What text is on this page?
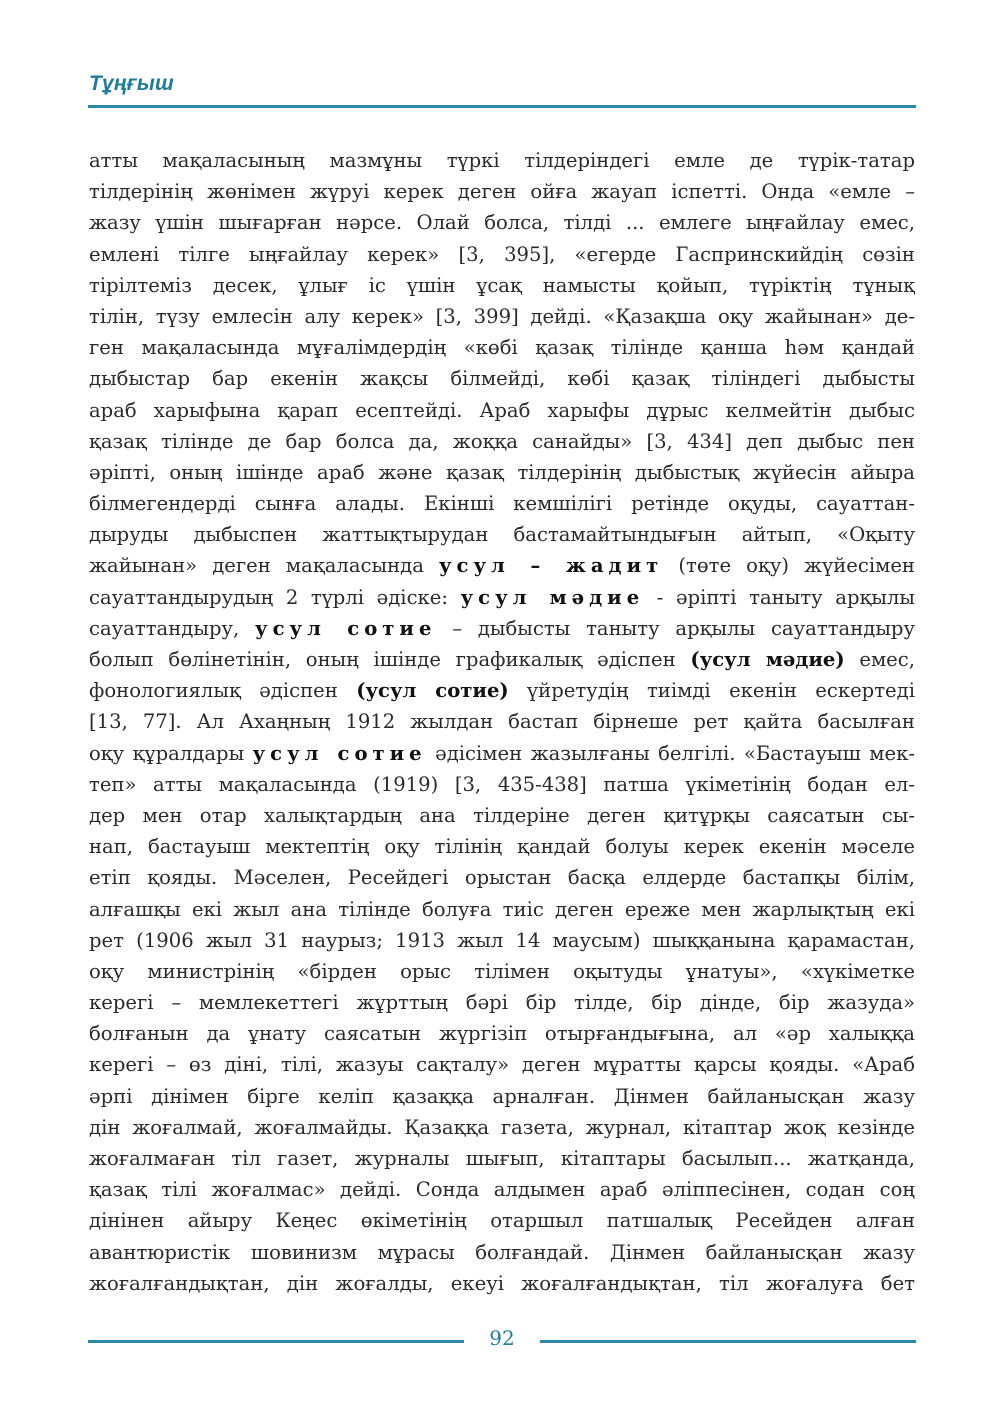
Тұңғыш
атты мақаласының мазмұны түркі тілдеріндегі емле де түрік-татар
тілдерінің жөнімен жүруі керек деген ойға жауап іспетті. Онда «емле –
жазу үшін шығарған нәрсе. Олай болса, тілді ... емлеге ыңғайлау емес,
емлені тілге ыңғайлау керек» [3, 395], «егерде Гаспринскийдің сөзін
тірілтеміз десек, ұлығ іс үшін ұсақ намысты қойып, түріктің тұнық
тілін, түзу емлесін алу керек» [3, 399] дейді. «Қазақша оқу жайынан» де-
ген мақаласында мұғалімдердің «көбі қазақ тілінде қанша һәм қандай
дыбыстар бар екенін жақсы білмейді, көбі қазақ тіліндегі дыбысты
араб харыфына қарап есептейді. Араб харыфы дұрыс келмейтін дыбыс
қазақ тілінде де бар болса да, жоққа санайды» [3, 434] деп дыбыс пен
әріпті, оның ішінде араб және қазақ тілдерінің дыбыстық жүйесін айыра
білмегендерді сынға алады. Екінші кемшілігі ретінде оқуды, сауаттан-
дыруды дыбыспен жаттықтырудан бастамайтындығын айтып, «Оқыту
жайынан» деген мақаласында усул – жадит (төте оқу) жүйесімен
сауаттандырудың 2 түрлі әдіске: усул мәдие - әріпті таныту арқылы
сауаттандыру, усул сотие – дыбысты таныту арқылы сауаттандыру
болып бөлінетінін, оның ішінде графикалық әдіспен (усул мәдие) емес,
фонологиялық әдіспен (усул сотие) үйретудің тиімді екенін ескертеді
[13, 77]. Ал Ахаңның 1912 жылдан бастап бірнеше рет қайта басылған
оқу құралдары усул сотие әдісімен жазылғаны белгілі. «Бастауыш мек-
теп» атты мақаласында (1919) [3, 435-438] патша үкіметінің бодан ел-
дер мен отар халықтардың ана тілдеріне деген қитұрқы саясатын сы-
нап, бастауыш мектептің оқу тілінің қандай болуы керек екенін мәселе
етіп қояды. Мәселен, Ресейдегі орыстан басқа елдерде бастапқы білім,
алғашқы екі жыл ана тілінде болуға тиіс деген ереже мен жарлықтың екі
рет (1906 жыл 31 наурыз; 1913 жыл 14 маусым) шыққанына қарамастан,
оқу министрінің «бірден орыс тілімен оқытуды ұнатуы», «хүкіметке
керегі – мемлекеттегі жұрттың бәрі бір тілде, бір дінде, бір жазуда»
болғанын да ұнату саясатын жүргізіп отырғандығына, ал «әр халыққа
керегі – өз діні, тілі, жазуы сақталу» деген мұратты қарсы қояды. «Араб
әрпі дінімен бірге келіп қазаққа арналған. Дінмен байланысқан жазу
дін жоғалмай, жоғалмайды. Қазаққа газета, журнал, кітаптар жоқ кезінде
жоғалмаған тіл газет, журналы шығып, кітаптары басылып... жатқанда,
қазақ тілі жоғалмас» дейді. Сонда алдымен араб әліппесінен, содан соң
дінінен айыру Кеңес өкіметінің отаршыл патшалық Ресейден алған
авантюристік шовинизм мұрасы болғандай. Дінмен байланысқан жазу
жоғалғандықтан, дін жоғалды, екеуі жоғалғандықтан, тіл жоғалуға бет
92
